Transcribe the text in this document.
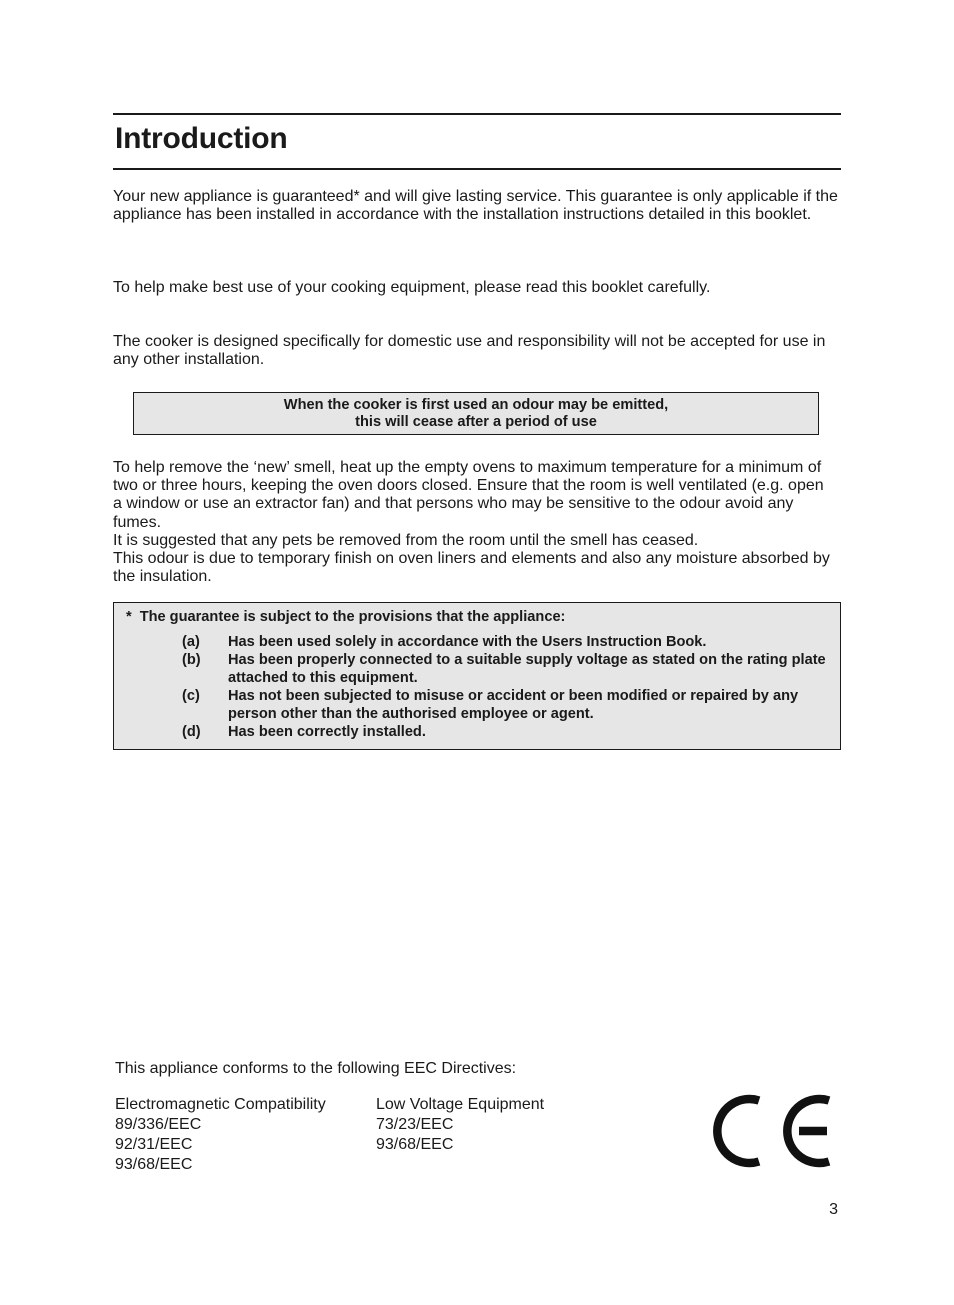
Introduction

Your new appliance is guaranteed* and will give lasting service. This guarantee is only applicable if the appliance has been installed in accordance with the installation instructions detailed in this booklet.

To help make best use of your cooking equipment, please read this booklet carefully.

The cooker is designed specifically for domestic use and responsibility will not be accepted for use in any other installation.

When the cooker is first used an odour may be emitted,
this will cease after a period of use
To help remove the ‘new’ smell, heat up the empty ovens to maximum temperature for a minimum of two or three hours, keeping the oven doors closed. Ensure that the room is well ventilated (e.g. open a window or use an extractor fan) and that persons who may be sensitive to the odour avoid any fumes.
It is suggested that any pets be removed from the room until the smell has ceased.
This odour is due to temporary finish on oven liners and elements and also any moisture absorbed by the insulation.
* The guarantee is subject to the provisions that the appliance:
(a)	Has been used solely in accordance with the Users Instruction Book.
(b)	Has been properly connected to a suitable supply voltage as stated on the rating plate attached to this equipment.
(c)	Has not been subjected to misuse or accident or been modified or repaired by any person other than the authorised employee or agent.
(d)	Has been correctly installed.

This appliance conforms to the following EEC Directives:

Electromagnetic Compatibility
89/336/EEC
92/31/EEC
93/68/EEC
Low Voltage Equipment
73/23/EEC
93/68/EEC
3
